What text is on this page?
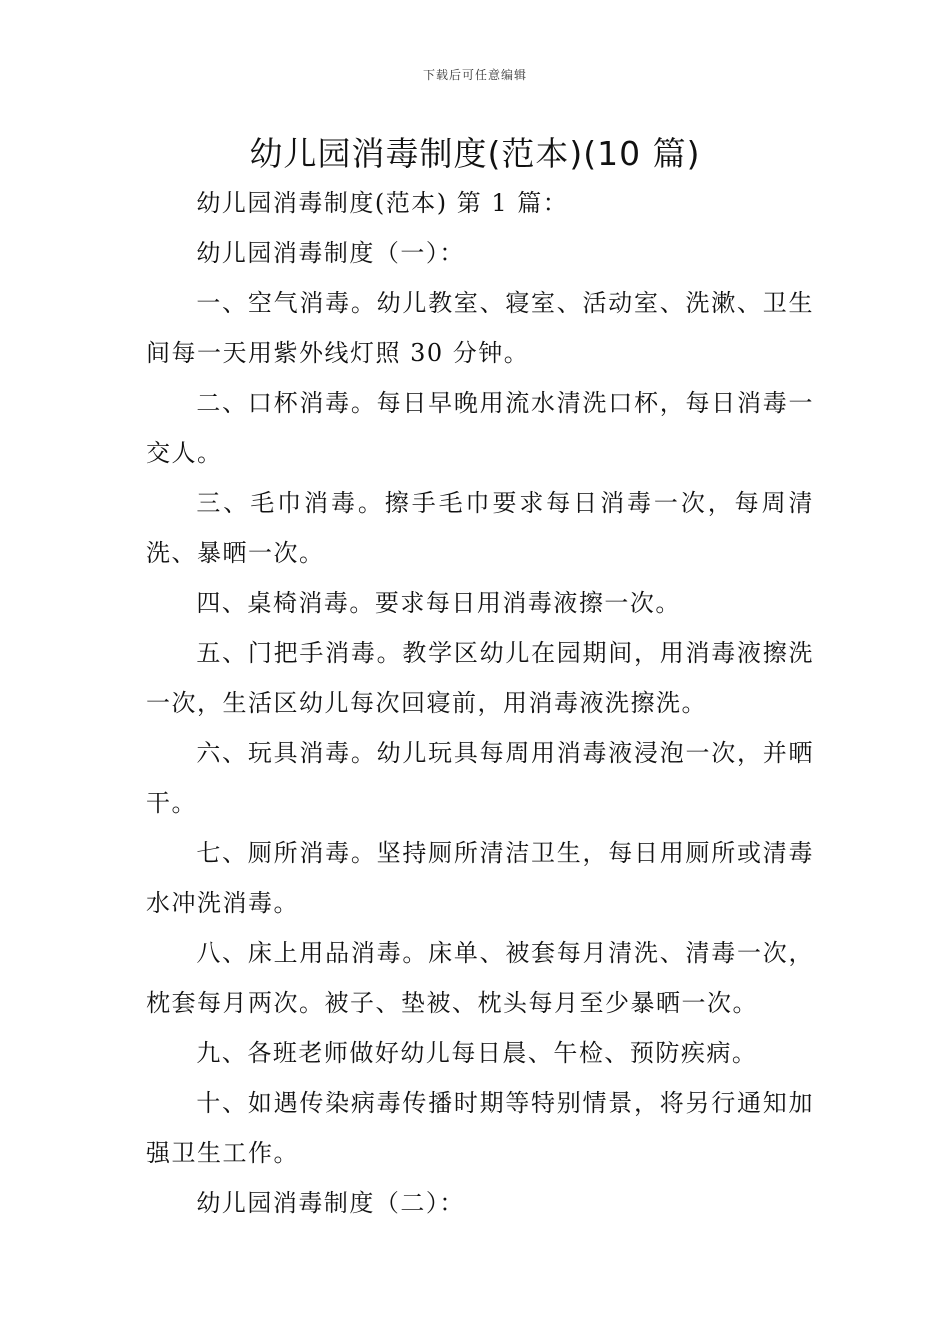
下载后可任意编辑
幼儿园消毒制度(范本)(10 篇)

幼儿园消毒制度(范本) 第 1 篇：

幼儿园消毒制度（一）：

一、空气消毒。幼儿教室、寝室、活动室、洗漱、卫生间每一天用紫外线灯照 30 分钟。

二、口杯消毒。每日早晚用流水清洗口杯，每日消毒一交人。

三、毛巾消毒。擦手毛巾要求每日消毒一次，每周清洗、暴晒一次。

四、桌椅消毒。要求每日用消毒液擦一次。

五、门把手消毒。教学区幼儿在园期间，用消毒液擦洗一次，生活区幼儿每次回寝前，用消毒液洗擦洗。

六、玩具消毒。幼儿玩具每周用消毒液浸泡一次，并晒干。

七、厕所消毒。坚持厕所清洁卫生，每日用厕所或清毒水冲洗消毒。

八、床上用品消毒。床单、被套每月清洗、清毒一次，枕套每月两次。被子、垫被、枕头每月至少暴晒一次。

九、各班老师做好幼儿每日晨、午检、预防疾病。

十、如遇传染病毒传播时期等特别情景，将另行通知加强卫生工作。

幼儿园消毒制度（二）：
